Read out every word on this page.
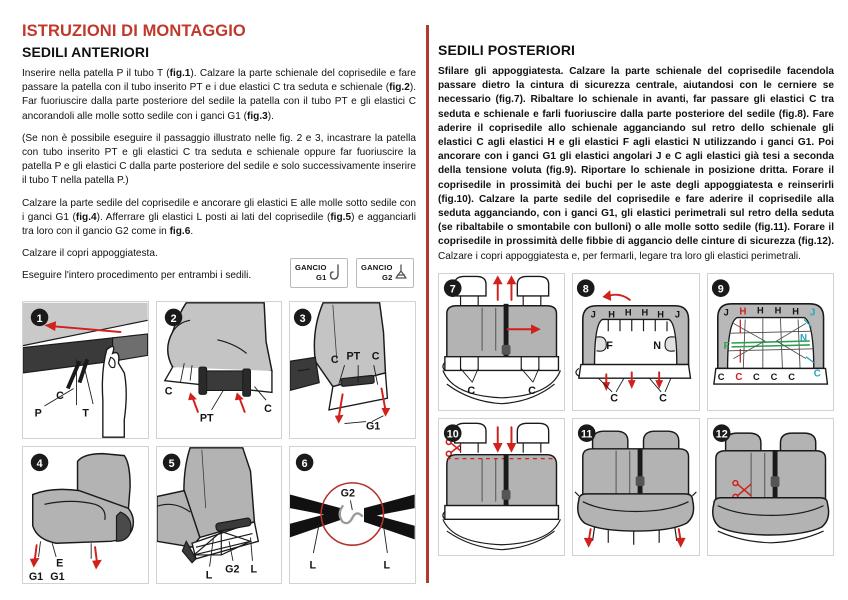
ISTRUZIONI DI MONTAGGIO
SEDILI ANTERIORI

Inserire nella patella P il tubo T (fig.1). Calzare la parte schienale del coprisedile e fare passare la patella con il tubo inserito PT e i due elastici C tra seduta e schienale (fig.2). Far fuoriuscire dalla parte posteriore del sedile la patella con il tubo PT e gli elastici C ancorandoli alle molle sotto sedile con i ganci G1 (fig.3).

(Se non è possibile eseguire il passaggio illustrato nelle fig. 2 e 3, incastrare la patella con tubo inserito PT e gli elastici C tra seduta e schienale oppure far fuoriuscire la patella P e gli elastici C dalla parte posteriore del sedile e solo successivamente inserire il tubo T nella patella P.)

Calzare la parte sedile del coprisedile e ancorare gli elastici E alle molle sotto sedile con i ganci G1 (fig.4). Afferrare gli elastici L posti ai lati del coprisedile (fig.5) e agganciarli tra loro con il gancio G2 come in fig.6.

Calzare il copri appoggiatesta.

Eseguire l'intero procedimento per entrambi i sedili.

GANCIO
G1
GANCIO
G2
P
C
T
1
C
PT
C
2
C PT C
G1
3
G1
E
G1
4
L G2 L
5
G2
L	L
6
SEDILI POSTERIORI

Sfilare gli appoggiatesta. Calzare la parte schienale del coprisedile facendola passare dietro la cintura di sicurezza centrale, aiutandosi con le cerniere se necessario (fig.7). Ribaltare lo schienale in avanti, far passare gli elastici C tra seduta e schienale e farli fuoriuscire dalla parte posteriore del sedile (fig.8). Fare aderire il coprisedile allo schienale agganciando sul retro dello schienale gli elastici C agli elastici H e gli elastici F agli elastici N utilizzando i ganci G1. Poi ancorare con i ganci G1 gli elastici angolari J e C agli elastici già tesi a seconda della tensione voluta (fig.9). Riportare lo schienale in posizione dritta. Forare il coprisedile in prossimità dei buchi per le aste degli appoggiatesta e reinserirli (fig.10). Calzare la parte sedile del coprisedile e fare aderire il coprisedile alla seduta agganciando, con i ganci G1, gli elastici perimetrali sul retro della seduta (se ribaltabile o smontabile con bulloni) o alle molle sotto sedile (fig.11). Forare il coprisedile in prossimità delle fibbie di aggancio delle cinture di sicurezza (fig.12). Calzare i copri appoggiatesta e, per fermarli, legare tra loro gli elastici perimetrali.

C	C
7
J H H H H J
F	N
C	C
8
J H H H H J
F
N
C C C C C C
9
10	11	12
